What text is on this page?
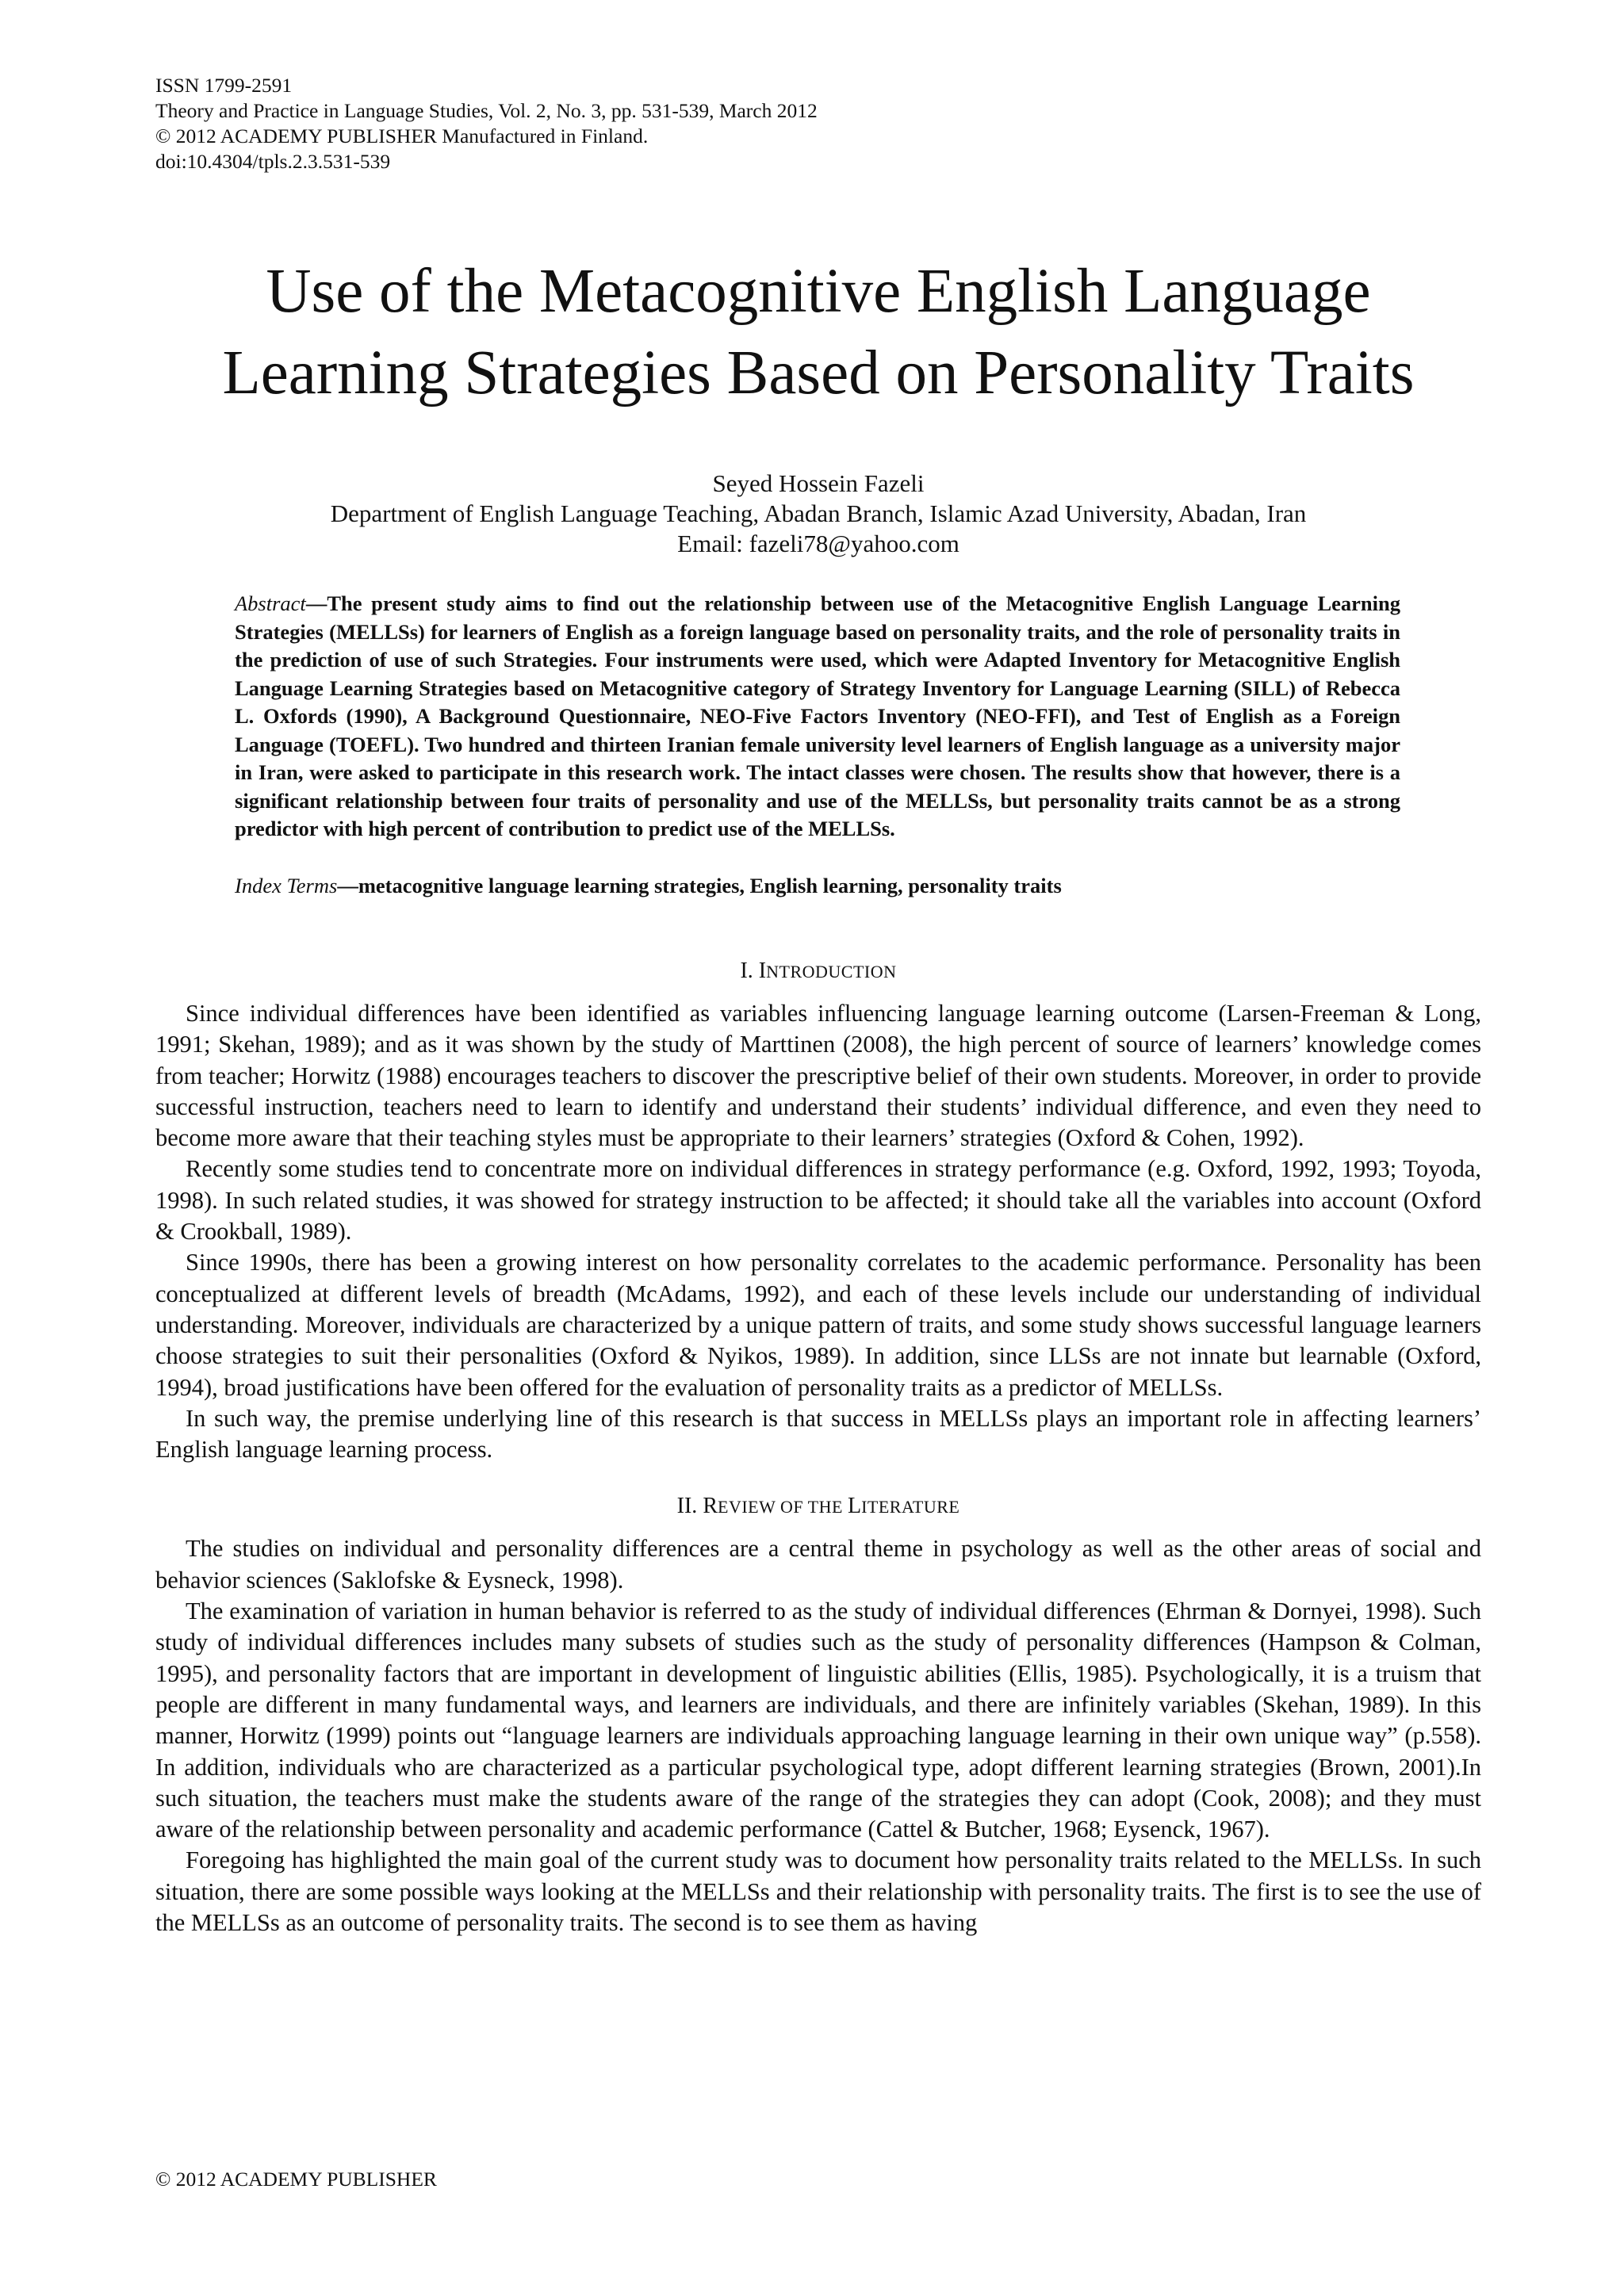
ISSN 1799-2591
Theory and Practice in Language Studies, Vol. 2, No. 3, pp. 531-539, March 2012
© 2012 ACADEMY PUBLISHER Manufactured in Finland.
doi:10.4304/tpls.2.3.531-539
Use of the Metacognitive English Language
Learning Strategies Based on Personality Traits
Seyed Hossein Fazeli
Department of English Language Teaching, Abadan Branch, Islamic Azad University, Abadan, Iran
Email: fazeli78@yahoo.com

Abstract—The present study aims to find out the relationship between use of the Metacognitive English Language Learning Strategies (MELLSs) for learners of English as a foreign language based on personality traits, and the role of personality traits in the prediction of use of such Strategies. Four instruments were used, which were Adapted Inventory for Metacognitive English Language Learning Strategies based on Metacognitive category of Strategy Inventory for Language Learning (SILL) of Rebecca L. Oxfords (1990), A Background Questionnaire, NEO-Five Factors Inventory (NEO-FFI), and Test of English as a Foreign Language (TOEFL). Two hundred and thirteen Iranian female university level learners of English language as a university major in Iran, were asked to participate in this research work. The intact classes were chosen. The results show that however, there is a significant relationship between four traits of personality and use of the MELLSs, but personality traits cannot be as a strong predictor with high percent of contribution to predict use of the MELLSs.

Index Terms—metacognitive language learning strategies, English learning, personality traits

I. INTRODUCTION

Since individual differences have been identified as variables influencing language learning outcome (Larsen-Freeman & Long, 1991; Skehan, 1989); and as it was shown by the study of Marttinen (2008), the high percent of source of learners’ knowledge comes from teacher; Horwitz (1988) encourages teachers to discover the prescriptive belief of their own students. Moreover, in order to provide successful instruction, teachers need to learn to identify and understand their students’ individual difference, and even they need to become more aware that their teaching styles must be appropriate to their learners’ strategies (Oxford & Cohen, 1992).

Recently some studies tend to concentrate more on individual differences in strategy performance (e.g. Oxford, 1992, 1993; Toyoda, 1998). In such related studies, it was showed for strategy instruction to be affected; it should take all the variables into account (Oxford & Crookball, 1989).

Since 1990s, there has been a growing interest on how personality correlates to the academic performance. Personality has been conceptualized at different levels of breadth (McAdams, 1992), and each of these levels include our understanding of individual understanding. Moreover, individuals are characterized by a unique pattern of traits, and some study shows successful language learners choose strategies to suit their personalities (Oxford & Nyikos, 1989). In addition, since LLSs are not innate but learnable (Oxford, 1994), broad justifications have been offered for the evaluation of personality traits as a predictor of MELLSs.

In such way, the premise underlying line of this research is that success in MELLSs plays an important role in affecting learners’ English language learning process.

II. REVIEW OF THE LITERATURE

The studies on individual and personality differences are a central theme in psychology as well as the other areas of social and behavior sciences (Saklofske & Eysneck, 1998).

The examination of variation in human behavior is referred to as the study of individual differences (Ehrman & Dornyei, 1998). Such study of individual differences includes many subsets of studies such as the study of personality differences (Hampson & Colman, 1995), and personality factors that are important in development of linguistic abilities (Ellis, 1985). Psychologically, it is a truism that people are different in many fundamental ways, and learners are individuals, and there are infinitely variables (Skehan, 1989). In this manner, Horwitz (1999) points out “language learners are individuals approaching language learning in their own unique way” (p.558). In addition, individuals who are characterized as a particular psychological type, adopt different learning strategies (Brown, 2001).In such situation, the teachers must make the students aware of the range of the strategies they can adopt (Cook, 2008); and they must aware of the relationship between personality and academic performance (Cattel & Butcher, 1968; Eysenck, 1967).

Foregoing has highlighted the main goal of the current study was to document how personality traits related to the MELLSs. In such situation, there are some possible ways looking at the MELLSs and their relationship with personality traits. The first is to see the use of the MELLSs as an outcome of personality traits. The second is to see them as having

© 2012 ACADEMY PUBLISHER
